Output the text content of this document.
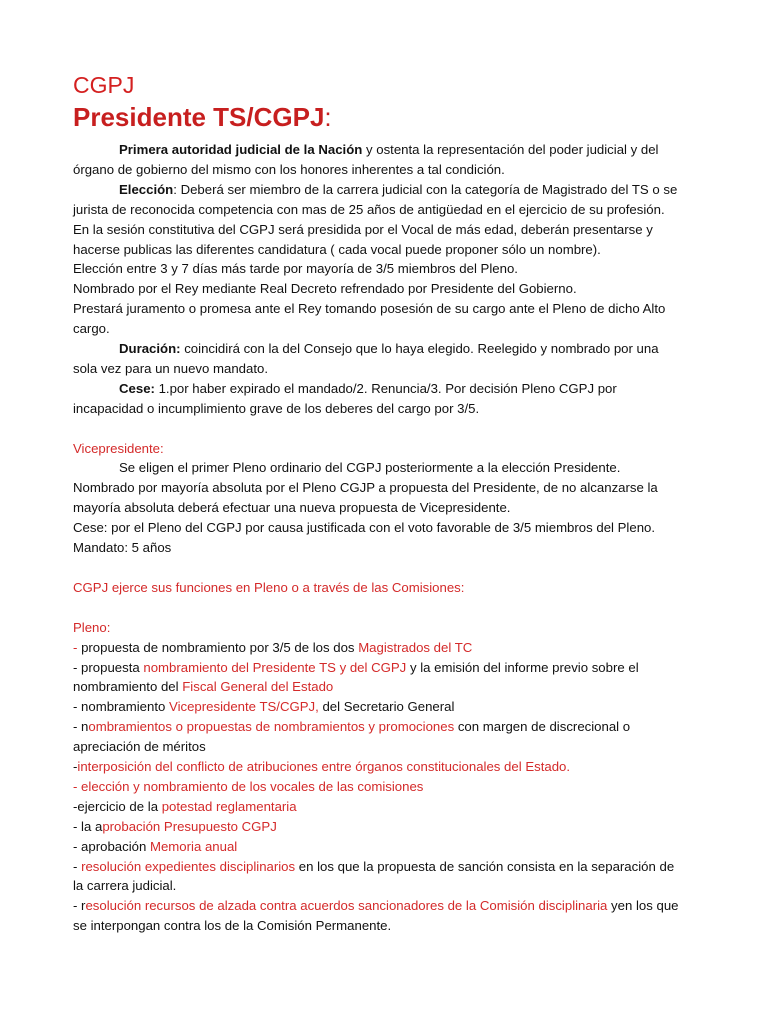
CGPJ
Presidente TS/CGPJ:
Primera autoridad judicial de la Nación y ostenta la representación del poder judicial y del
órgano de gobierno del mismo con los honores inherentes a tal condición.
Elección: Deberá ser miembro de la carrera judicial con la categoría de Magistrado del TS o se
jurista de reconocida competencia con mas de 25 años de antigüedad en el ejercicio de su profesión.
En la sesión constitutiva del CGPJ será presidida por el Vocal de más edad, deberán presentarse y
hacerse publicas las diferentes candidatura ( cada vocal puede proponer sólo un nombre).
Elección entre 3 y 7 días más tarde por mayoría de 3/5 miembros del Pleno.
Nombrado por el Rey mediante Real Decreto refrendado por Presidente del Gobierno.
Prestará juramento o promesa ante el Rey tomando posesión de su cargo ante el Pleno de dicho Alto
cargo.
Duración: coincidirá con la del Consejo que lo haya elegido. Reelegido y nombrado por una
sola vez para un nuevo mandato.
Cese: 1.por haber expirado el mandado/2. Renuncia/3. Por decisión Pleno CGPJ por
incapacidad o incumplimiento grave de los deberes del cargo por 3/5.
Vicepresidente:
Se eligen el primer Pleno ordinario del CGPJ posteriormente a la elección Presidente.
Nombrado por mayoría absoluta por el Pleno CGJP a propuesta del Presidente, de no alcanzarse la
mayoría absoluta deberá efectuar una nueva propuesta de Vicepresidente.
Cese: por el Pleno del CGPJ por causa justificada con el voto favorable de 3/5 miembros del Pleno.
Mandato: 5 años
CGPJ ejerce sus funciones en Pleno o a través de las Comisiones:
Pleno:
- propuesta de nombramiento por 3/5 de los dos Magistrados del TC
- propuesta nombramiento del Presidente TS y del CGPJ y la emisión del informe previo sobre el
nombramiento del Fiscal General del Estado
- nombramiento Vicepresidente TS/CGPJ, del Secretario General
- nombramientos o propuestas de nombramientos y promociones con margen de discrecional o
apreciación de méritos
-interposición del conflicto de atribuciones entre órganos constitucionales del Estado.
- elección y nombramiento de los vocales de las comisiones
-ejercicio de la potestad reglamentaria
- la aprobación Presupuesto CGPJ
- aprobación Memoria anual
- resolución expedientes disciplinarios en los que la propuesta de sanción consista en la separación de
la carrera judicial.
- resolución recursos de alzada contra acuerdos sancionadores de la Comisión disciplinaria yen los que
se interpongan contra los de la Comisión Permanente.
